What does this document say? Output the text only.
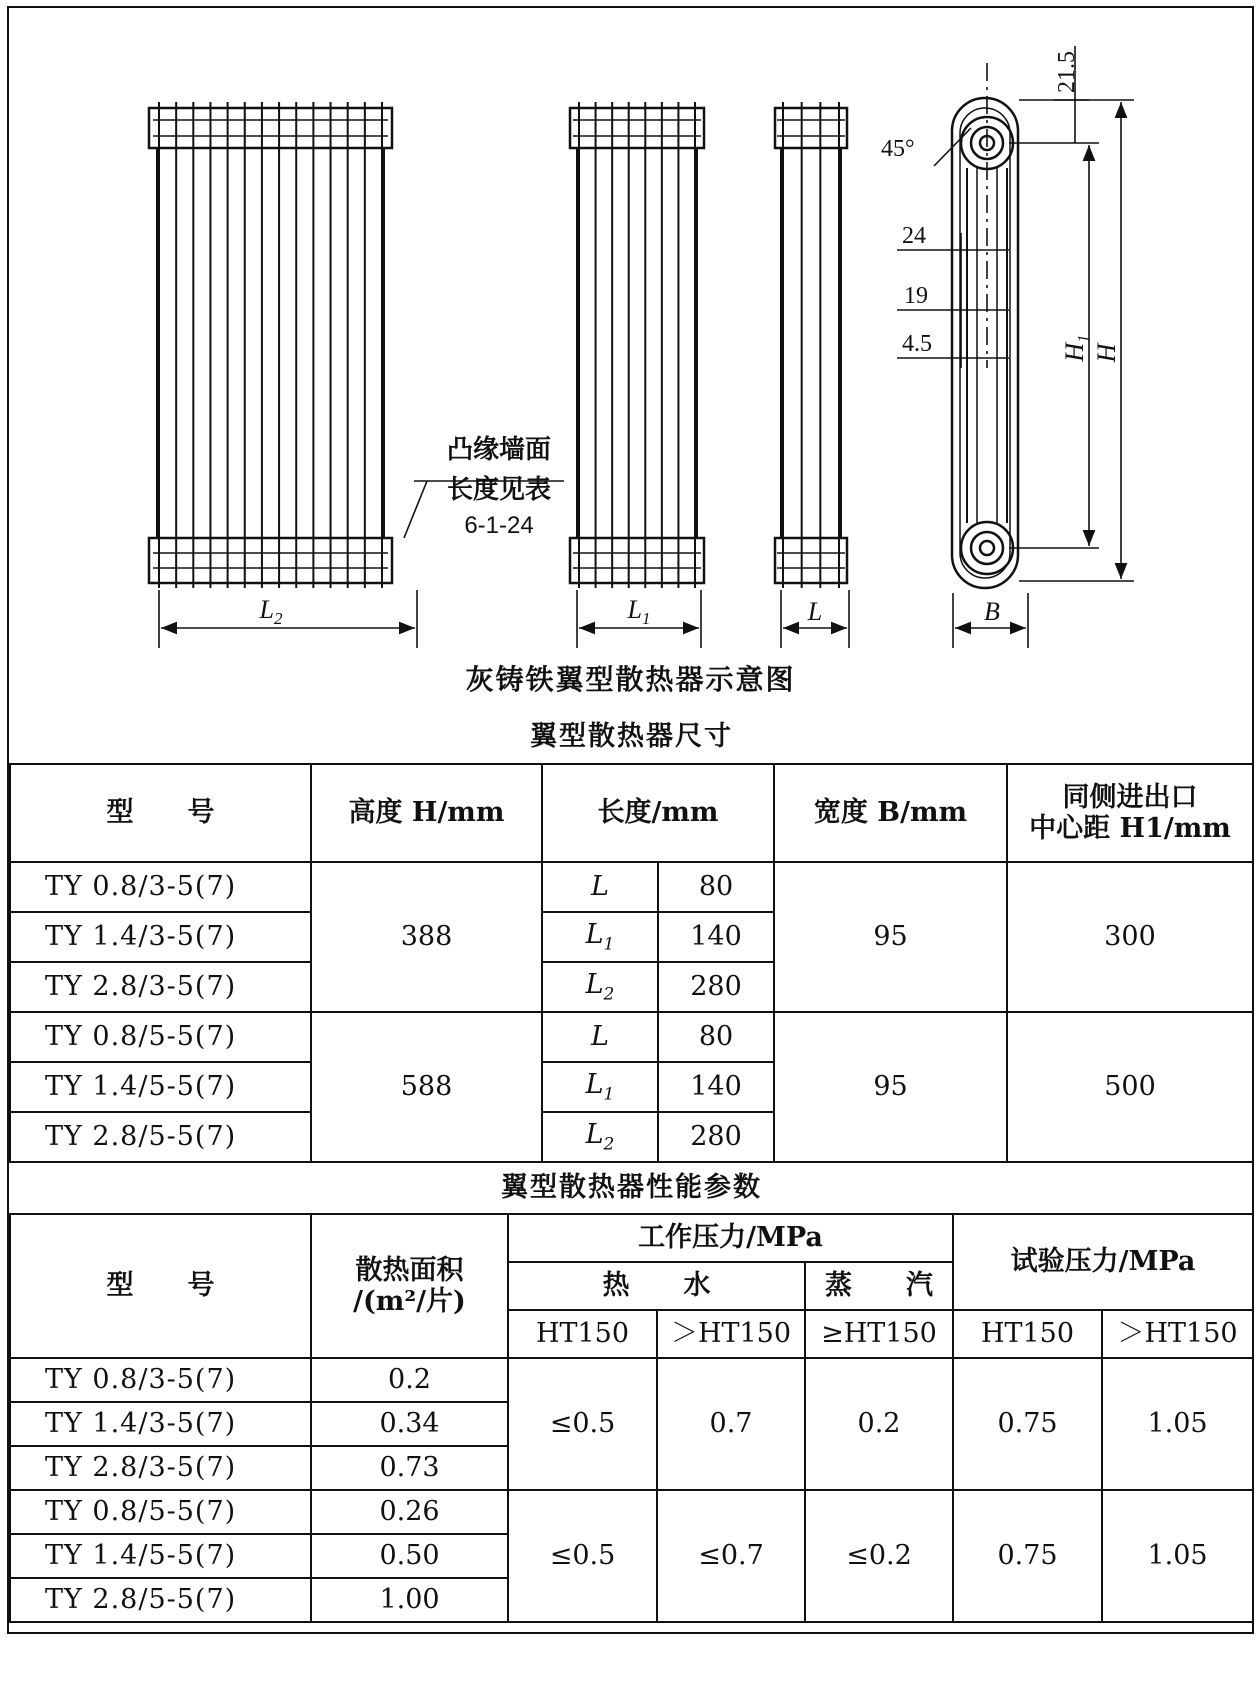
$L_2$	$L_1$	L	B
$H_1$
H
21.5
45°
24
19
4.5
凸缘墙面
长度见表
6-1-24
灰铸铁翼型散热器示意图
翼型散热器尺寸					
型　　号	高度 H/mm	长度/mm		宽度 B/mm	同侧进出口
中心距 H1/mm
TY 0.8/3-5(7)	388	L	80	95	300
TY 1.4/3-5(7)		$L_1$	140		
TY 2.8/3-5(7)		$L_2$	280		
TY 0.8/5-5(7)	588	L	80	95	500
TY 1.4/5-5(7)		$L_1$	140		
TY 2.8/5-5(7)		$L_2$	280		
翼型散热器性能参数						
型　　号	散热面积
/(m²/片)	工作压力/MPa			试验压力/MPa	
		热　　水		蒸　　汽		
		HT150	＞HT150	≥HT150	HT150	＞HT150
TY 0.8/3-5(7)	0.2	≤0.5	0.7	0.2	0.75	1.05
TY 1.4/3-5(7)	0.34					
TY 2.8/3-5(7)	0.73					
TY 0.8/5-5(7)	0.26	≤0.5	≤0.7	≤0.2	0.75	1.05
TY 1.4/5-5(7)	0.50					
TY 2.8/5-5(7)	1.00					
